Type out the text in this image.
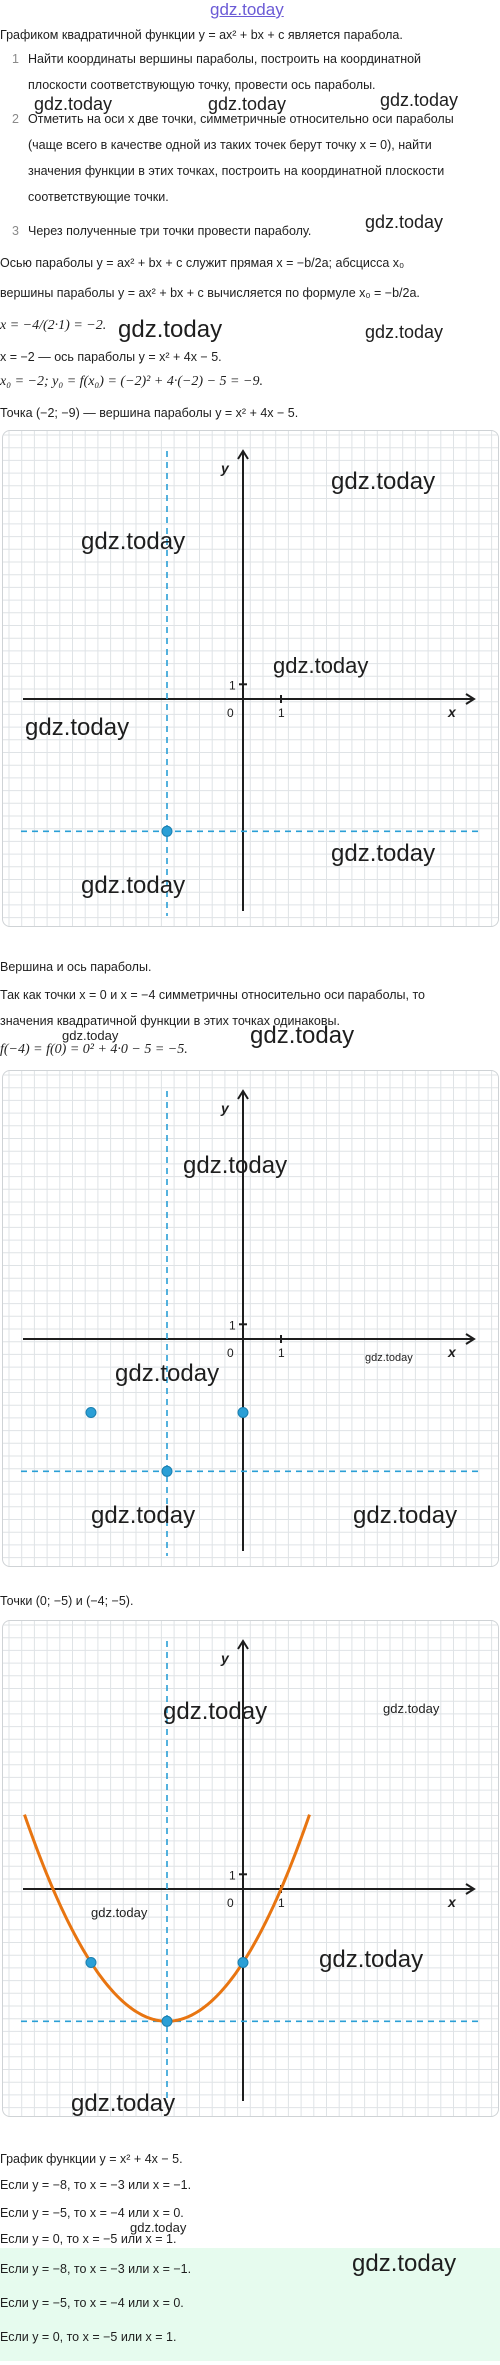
gdz.today
Графиком квадратичной функции y = ax² + bx + c является парабола.
1 Найти координаты вершины параболы, построить на координатной
плоскости соответствующую точку, провести ось параболы.
2 Отметить на оси x две точки, симметричные относительно оси параболы
(чаще всего в качестве одной из таких точек берут точку x = 0), найти
значения функции в этих точках, построить на координатной плоскости
соответствующие точки.
3 Через полученные три точки провести параболу.
Осью параболы y = ax² + bx + c служит прямая x = −b/2a; абсцисса x₀
вершины параболы y = ax² + bx + c вычисляется по формуле x₀ = −b/2a.
x = −4/(2·1) = −2.
x = −2 — ось параболы y = x² + 4x − 5.
x₀ = −2; y₀ = f(x₀) = (−2)² + 4·(−2) − 5 = −9.
Точка (−2; −9) — вершина параболы y = x² + 4x − 5.
gdz.today	gdz.today	gdz.today
gdz.today
gdz.today	gdz.today
x
y
0	1
1
gdz.today
gdz.today
gdz.today
gdz.today
gdz.today
gdz.today
Вершина и ось параболы.
Так как точки x = 0 и x = −4 симметричны относительно оси параболы, то
значения квадратичной функции в этих точках одинаковы.
f(−4) = f(0) = 0² + 4·0 − 5 = −5.
gdz.today	gdz.today
x
y
0	1
1
gdz.today
gdz.today
gdz.today
gdz.today	gdz.today
Точки (0; −5) и (−4; −5).
x
y
0	1
1
gdz.today	gdz.today
gdz.today
gdz.today
gdz.today
График функции y = x² + 4x − 5.
Если y = −8, то x = −3 или x = −1.
Если y = −5, то x = −4 или x = 0.
Если y = 0, то x = −5 или x = 1.
gdz.today
Если y = −8, то x = −3 или x = −1.
Если y = −5, то x = −4 или x = 0.
Если y = 0, то x = −5 или x = 1.
gdz.today
